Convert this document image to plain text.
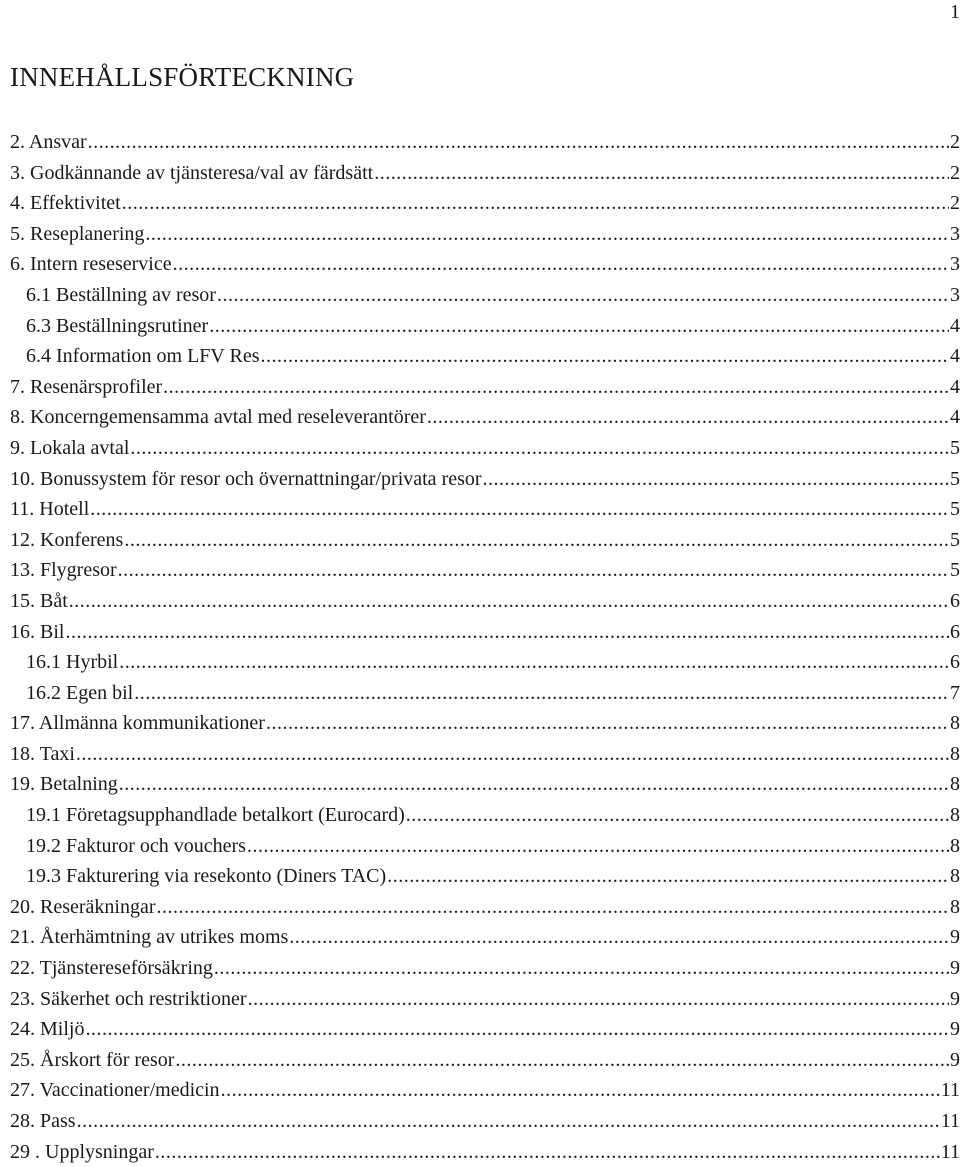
1
INNEHÅLLSFÖRTECKNING
2. Ansvar .....	2
3. Godkännande av tjänsteresa/val av färdsätt .....	2
4. Effektivitet .....	2
5. Reseplanering .....	3
6. Intern reseservice .....	3
6.1 Beställning av resor .....	3
6.3 Beställningsrutiner .....	4
6.4 Information om LFV Res .....	4
7. Resenärsprofiler .....	4
8. Koncerngemensamma avtal med reseleverantörer .....	4
9. Lokala avtal .....	5
10. Bonussystem för resor och övernattningar/privata resor .....	5
11. Hotell .....	5
12. Konferens .....	5
13. Flygresor .....	5
15. Båt .....	6
16. Bil .....	6
16.1 Hyrbil .....	6
16.2 Egen bil .....	7
17. Allmänna kommunikationer .....	8
18. Taxi .....	8
19. Betalning .....	8
19.1 Företagsupphandlade betalkort (Eurocard) .....	8
19.2 Fakturor och vouchers .....	8
19.3 Fakturering via resekonto (Diners TAC) .....	8
20. Reseräkningar .....	8
21. Återhämtning av utrikes moms .....	9
22. Tjänstereseförsäkring .....	9
23. Säkerhet och restriktioner .....	9
24. Miljö .....	9
25. Årskort för resor .....	9
27. Vaccinationer/medicin .....	11
28. Pass .....	11
29 . Upplysningar .....	11
